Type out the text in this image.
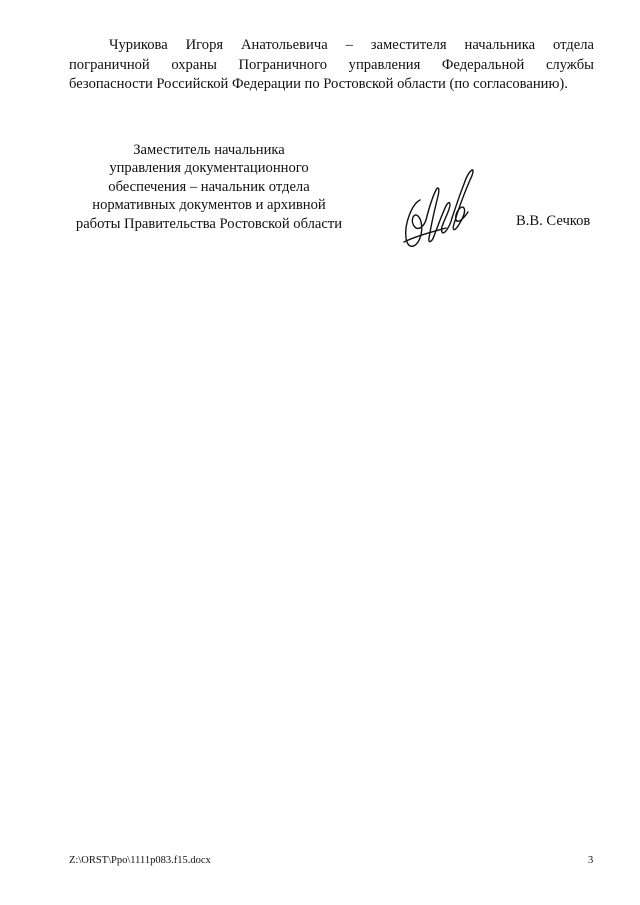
Чурикова Игоря Анатольевича – заместителя начальника отдела
пограничной охраны Пограничного управления Федеральной службы
безопасности Российской Федерации по Ростовской области (по согласованию).
Заместитель начальника
управления документационного
обеспечения – начальник отдела
нормативных документов и архивной
работы Правительства Ростовской области	В.В. Сечков
Z:\ORST\Ppo\1111p083.f15.docx	3
